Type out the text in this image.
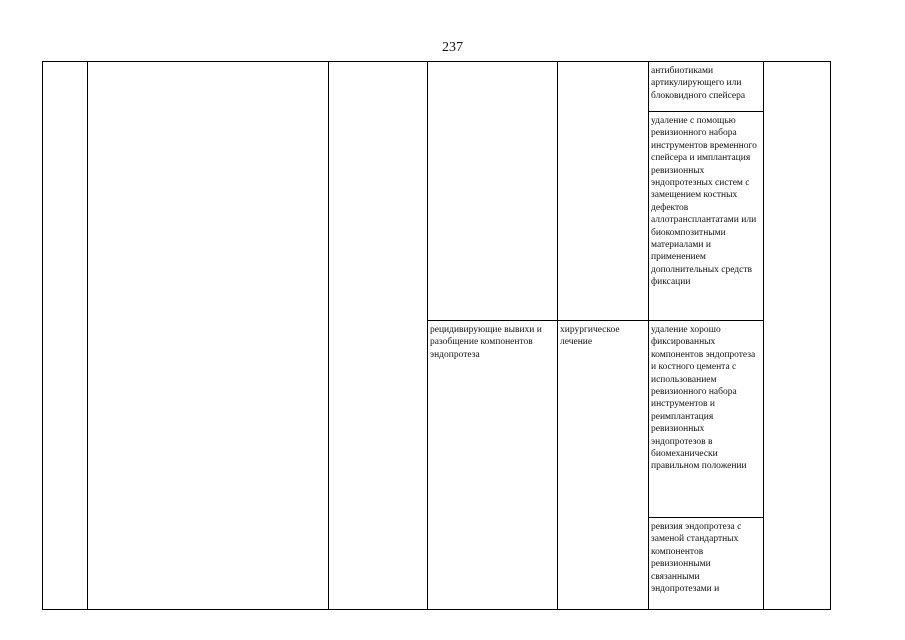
237
					антибиотиками артикулирующего или блоковидного спейсера	
					удаление с помощью ревизионного набора инструментов временного спейсера и имплантация ревизионных эндопротезных систем с замещением костных дефектов аллотрансплантатами или биокомпозитными материалами и применением дополнительных средств фиксации	
			рецидивирующие вывихи и разобщение компонентов эндопротеза	хирургическое лечение	удаление хорошо фиксированных компонентов эндопротеза и костного цемента с использованием ревизионного набора инструментов и реимплантация ревизионных эндопротезов в биомеханически правильном положении	
					ревизия эндопротеза с заменой стандартных компонентов ревизионными связанными эндопротезами и	
